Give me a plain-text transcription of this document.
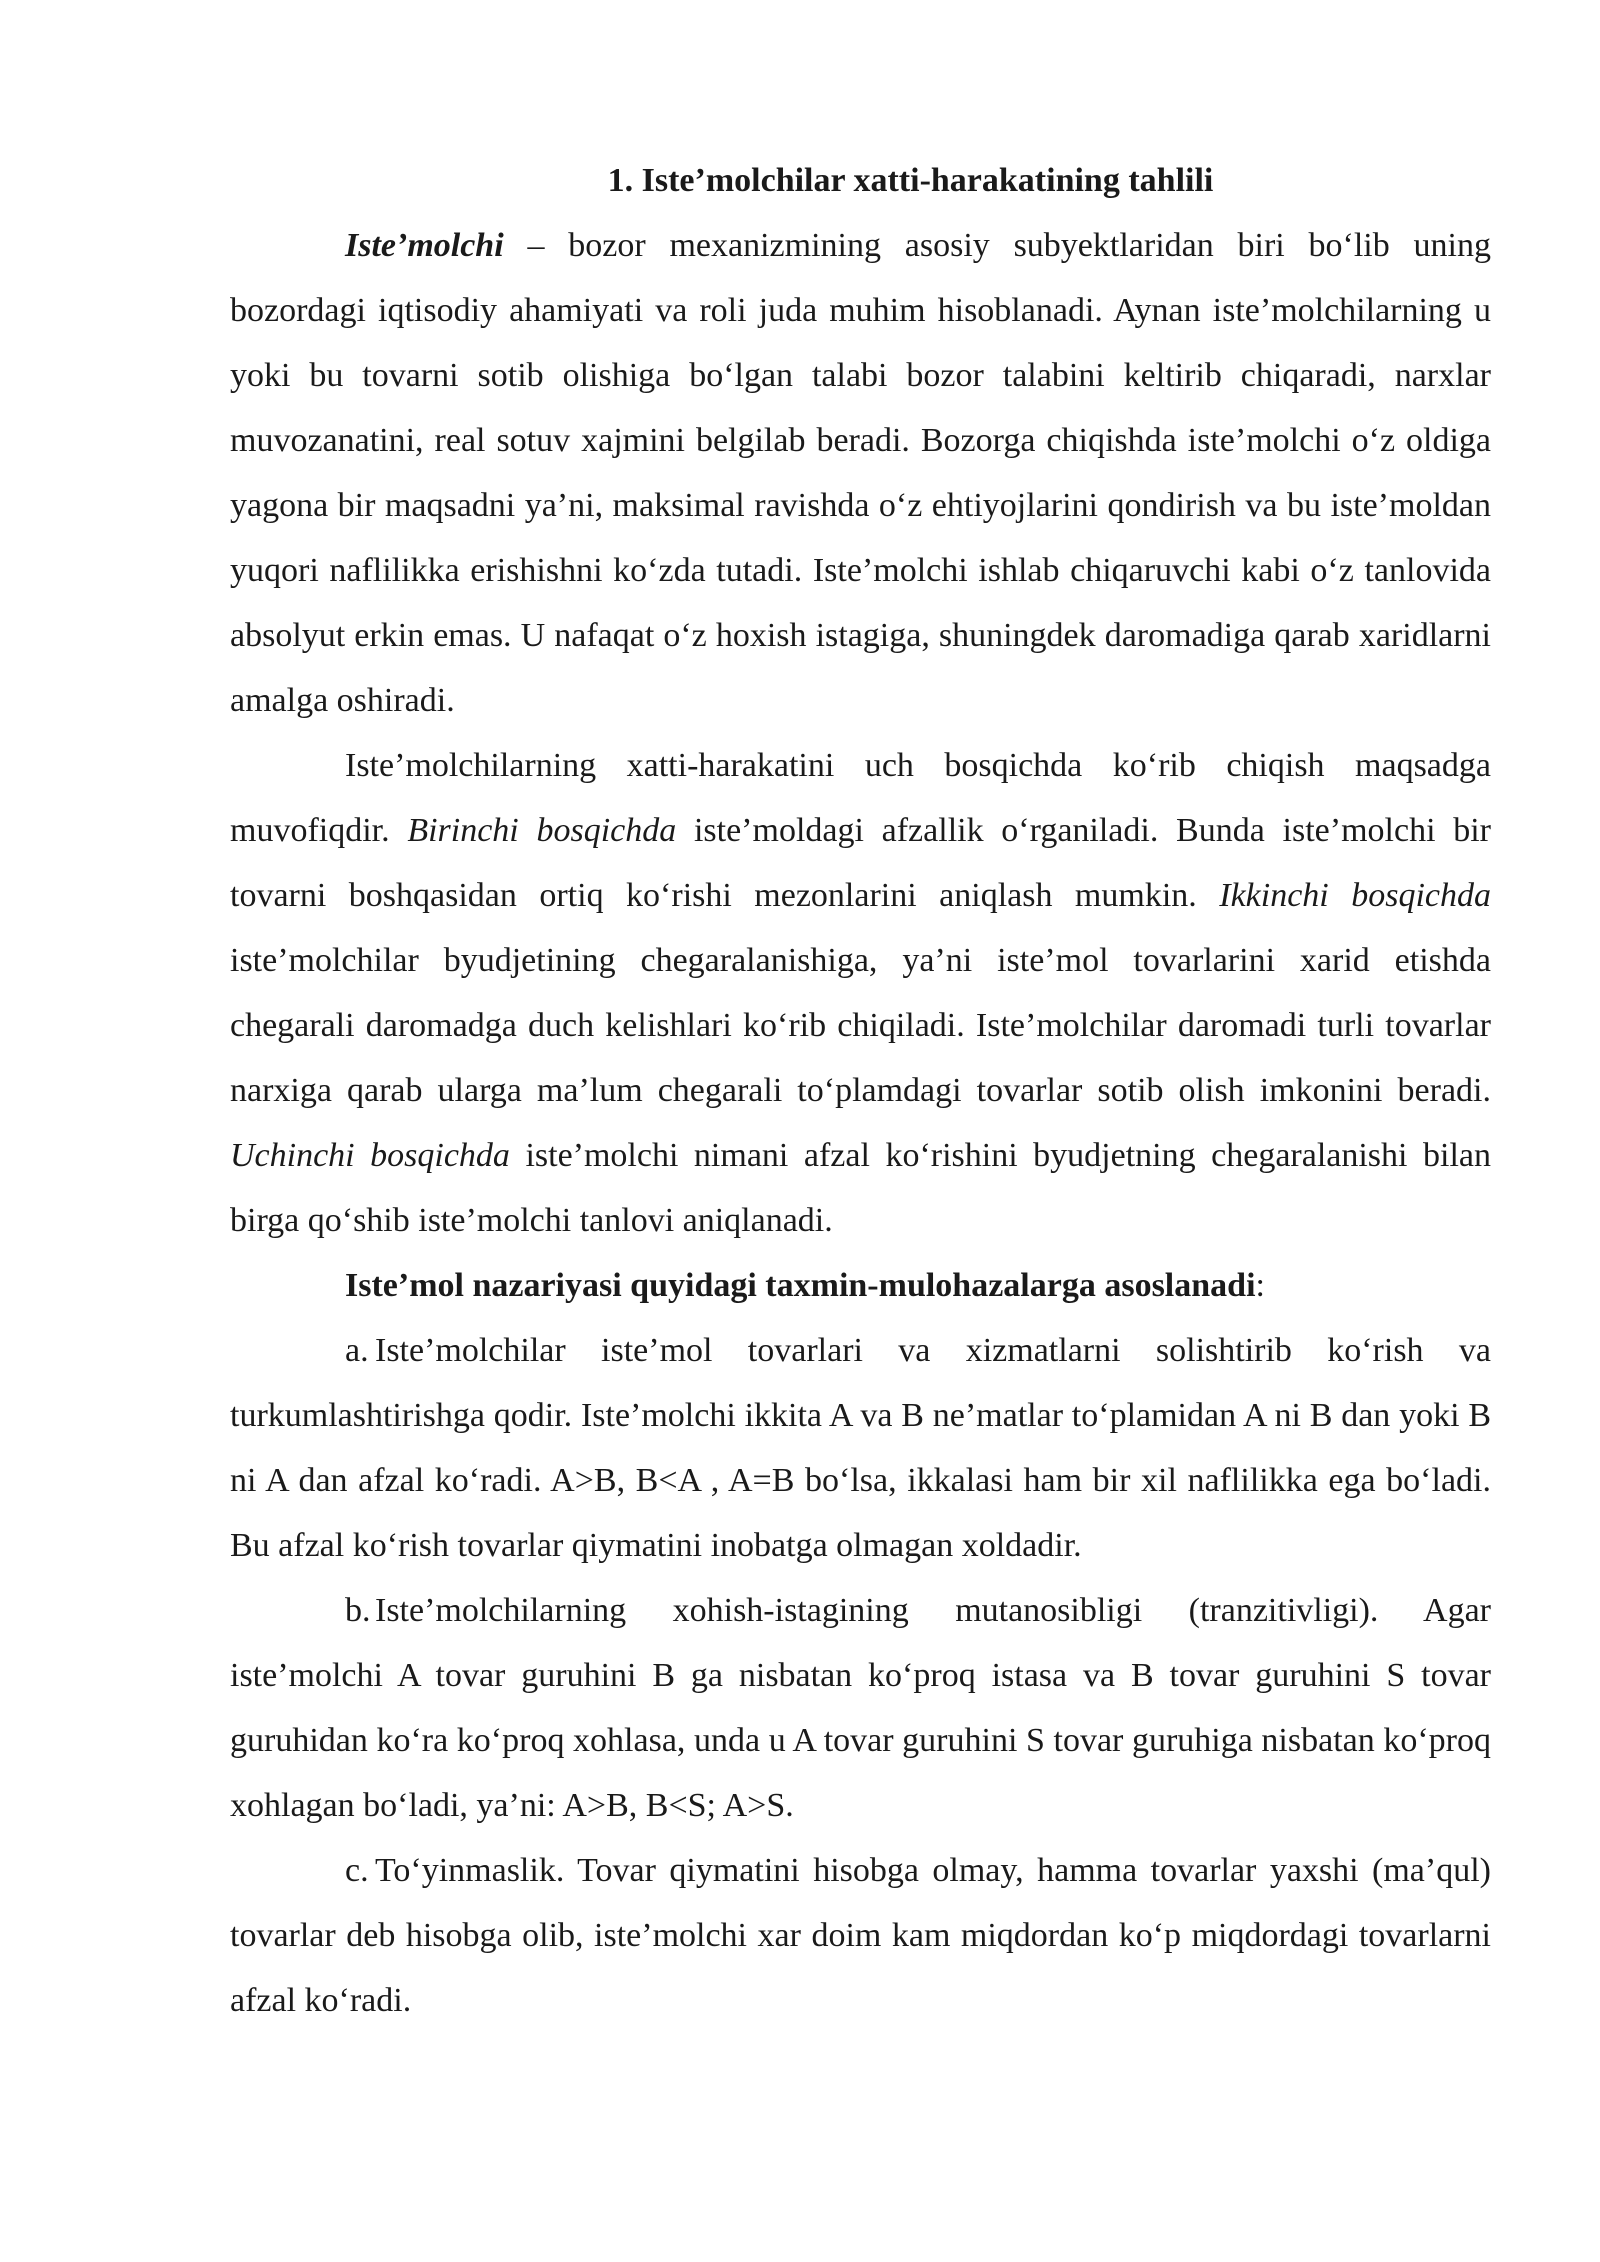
1. Iste’molchilar xatti-harakatining tahlili

Iste’molchi – bozor mexanizmining asosiy subyektlaridan biri bo‘lib uning bozordagi iqtisodiy ahamiyati va roli juda muhim hisoblanadi. Aynan iste’molchilarning u yoki bu tovarni sotib olishiga bo‘lgan talabi bozor talabini keltirib chiqaradi, narxlar muvozanatini, real sotuv xajmini belgilab beradi. Bozorga chiqishda iste’molchi o‘z oldiga yagona bir maqsadni ya’ni, maksimal ravishda o‘z ehtiyojlarini qondirish va bu iste’moldan yuqori naflilikka erishishni ko‘zda tutadi. Iste’molchi ishlab chiqaruvchi kabi o‘z tanlovida absolyut erkin emas. U nafaqat o‘z hoxish istagiga, shuningdek daromadiga qarab xaridlarni amalga oshiradi.

Iste’molchilarning xatti-harakatini uch bosqichda ko‘rib chiqish maqsadga muvofiqdir. Birinchi bosqichda iste’moldagi afzallik o‘rganiladi. Bunda iste’molchi bir tovarni boshqasidan ortiq ko‘rishi mezonlarini aniqlash mumkin. Ikkinchi bosqichda iste’molchilar byudjetining chegaralanishiga, ya’ni iste’mol tovarlarini xarid etishda chegarali daromadga duch kelishlari ko‘rib chiqiladi. Iste’molchilar daromadi turli tovarlar narxiga qarab ularga ma’lum chegarali to‘plamdagi tovarlar sotib olish imkonini beradi. Uchinchi bosqichda iste’molchi nimani afzal ko‘rishini byudjetning chegaralanishi bilan birga qo‘shib iste’molchi tanlovi aniqlanadi.

Iste’mol nazariyasi quyidagi taxmin-mulohazalarga asoslanadi:

a. Iste’molchilar iste’mol tovarlari va xizmatlarni solishtirib ko‘rish va turkumlashtirishga qodir. Iste’molchi ikkita A va B ne’matlar to‘plamidan A ni B dan yoki B ni A dan afzal ko‘radi. A>B, B<A , A=B bo‘lsa, ikkalasi ham bir xil naflilikka ega bo‘ladi. Bu afzal ko‘rish tovarlar qiymatini inobatga olmagan xoldadir.

b. Iste’molchilarning xohish-istagining mutanosibligi (tranzitivligi). Agar iste’molchi A tovar guruhini B ga nisbatan ko‘proq istasa va B tovar guruhini S tovar guruhidan ko‘ra ko‘proq xohlasa, unda u A tovar guruhini S tovar guruhiga nisbatan ko‘proq xohlagan bo‘ladi, ya’ni: A>B, B<S; A>S.

c. To‘yinmaslik. Tovar qiymatini hisobga olmay, hamma tovarlar yaxshi (ma’qul) tovarlar deb hisobga olib, iste’molchi xar doim kam miqdordan ko‘p miqdordagi tovarlarni afzal ko‘radi.
